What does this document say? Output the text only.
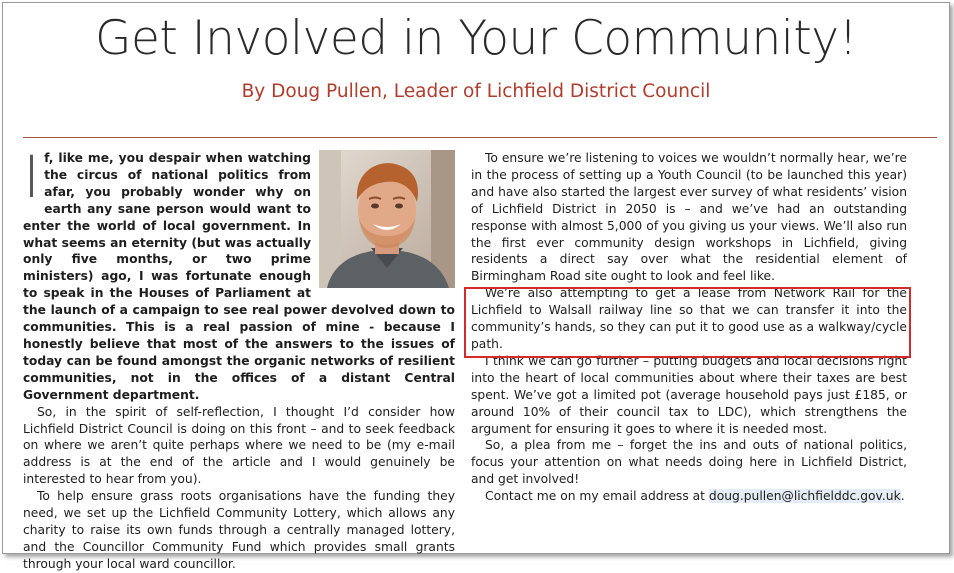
Get Involved in Your Community!
By Doug Pullen, Leader of Lichfield District Council

If, like me, you despair when watching the circus of national politics from afar, you probably wonder why on earth any sane person would want to enter the world of local government. In what seems an eternity (but was actually only five months, or two prime ministers) ago, I was fortunate enough to speak in the Houses of Parliament at the launch of a campaign to see real power devolved down to communities. This is a real passion of mine - because I honestly believe that most of the answers to the issues of today can be found amongst the organic networks of resilient communities, not in the offices of a distant Central Government department.

So, in the spirit of self-reflection, I thought I’d consider how Lichfield District Council is doing on this front – and to seek feedback on where we aren’t quite perhaps where we need to be (my e-mail address is at the end of the article and I would genuinely be interested to hear from you).

To help ensure grass roots organisations have the funding they need, we set up the Lichfield Community Lottery, which allows any charity to raise its own funds through a centrally managed lottery, and the Councillor Community Fund which provides small grants through your local ward councillor.

To ensure we’re listening to voices we wouldn’t normally hear, we’re in the process of setting up a Youth Council (to be launched this year) and have also started the largest ever survey of what residents’ vision of Lichfield District in 2050 is – and we’ve had an outstanding response with almost 5,000 of you giving us your views. We’ll also run the first ever community design workshops in Lichfield, giving residents a direct say over what the residential element of Birmingham Road site ought to look and feel like.

We’re also attempting to get a lease from Network Rail for the Lichfield to Walsall railway line so that we can transfer it into the community’s hands, so they can put it to good use as a walkway/cycle path.

I think we can go further – putting budgets and local decisions right into the heart of local communities about where their taxes are best spent. We’ve got a limited pot (average household pays just £185, or around 10% of their council tax to LDC), which strengthens the argument for ensuring it goes to where it is needed most.

So, a plea from me – forget the ins and outs of national politics, focus your attention on what needs doing here in Lichfield District, and get involved!

Contact me on my email address at doug.pullen@lichfielddc.gov.uk.
